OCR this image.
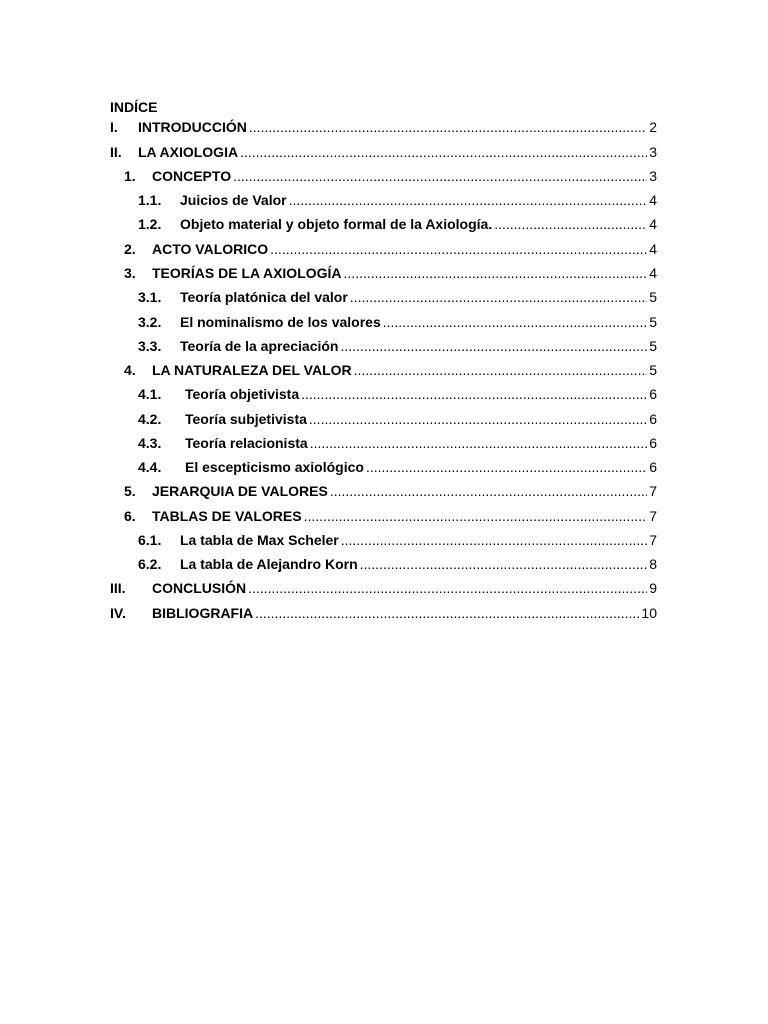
INDÍCE
I.	INTRODUCCIÓN .....	2
II.	LA AXIOLOGIA .....	3
1.	CONCEPTO .....	3
1.1.	Juicios de Valor .....	4
1.2.	Objeto material y objeto formal de la Axiología. .....	4
2.	ACTO VALORICO .....	4
3.	TEORÍAS DE LA AXIOLOGÍA .....	4
3.1.	Teoría platónica del valor .....	5
3.2.	El nominalismo de los valores .....	5
3.3.	Teoría de la apreciación .....	5
4.	LA NATURALEZA DEL VALOR .....	5
4.1.	Teoría objetivista .....	6
4.2.	Teoría subjetivista .....	6
4.3.	Teoría relacionista .....	6
4.4.	El escepticismo axiológico .....	6
5.	JERARQUIA DE VALORES .....	7
6.	TABLAS DE VALORES .....	7
6.1.	La tabla de Max Scheler .....	7
6.2.	La tabla de Alejandro Korn .....	8
III.	CONCLUSIÓN .....	9
IV.	BIBLIOGRAFIA .....	10
